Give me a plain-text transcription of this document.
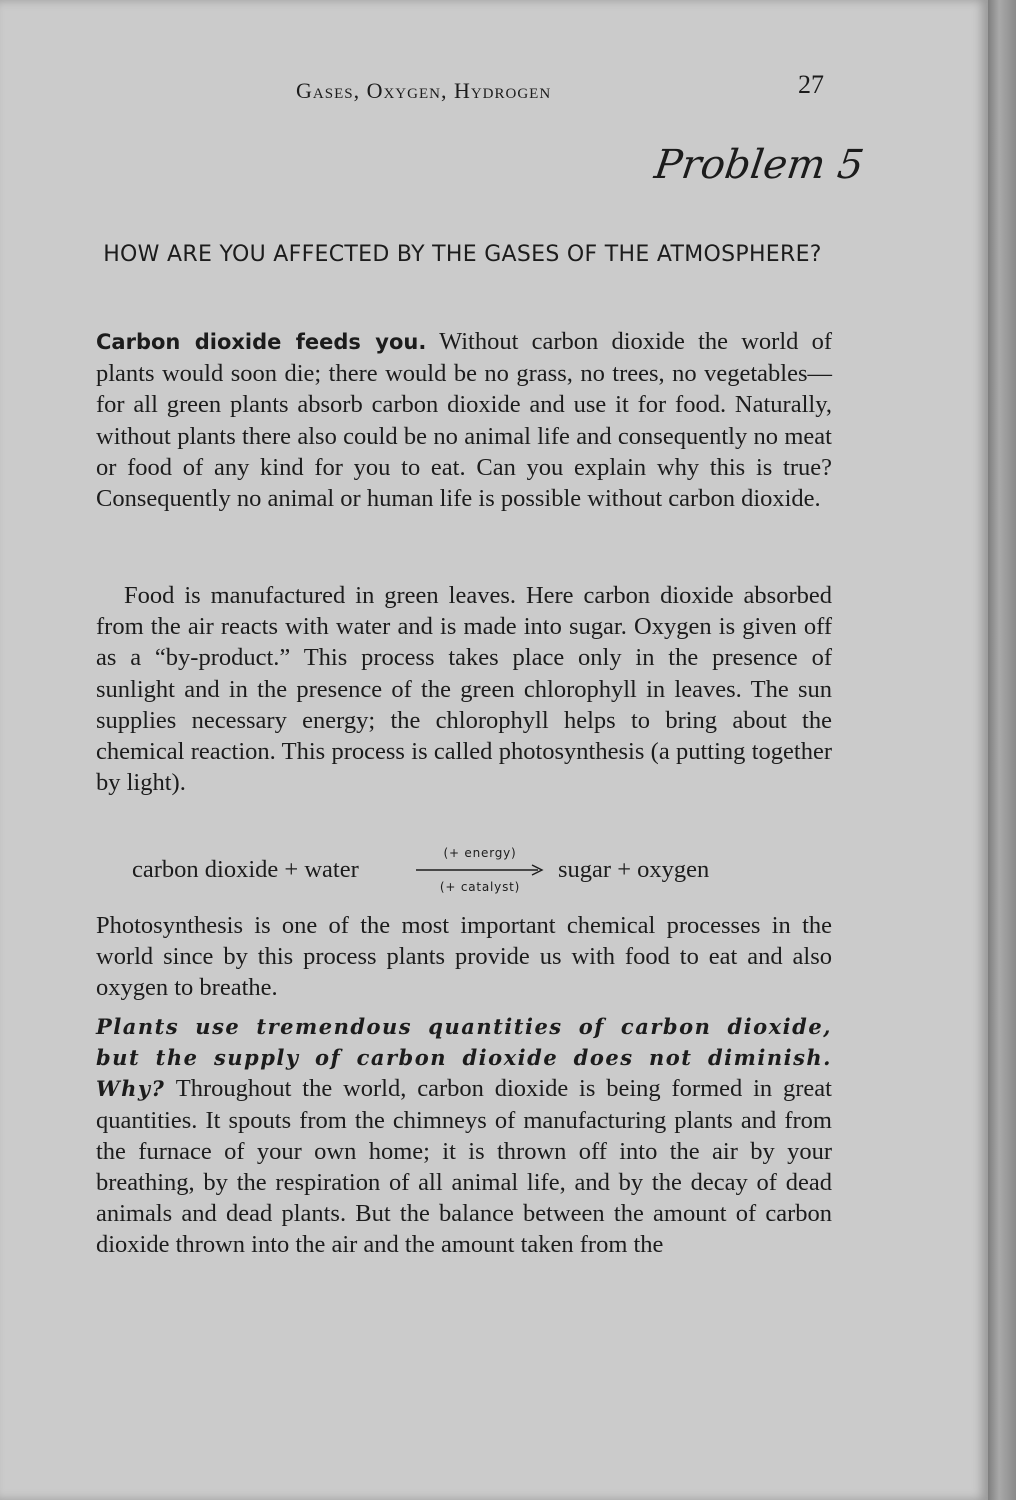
Gases, Oxygen, Hydrogen	27
Problem 5
HOW ARE YOU AFFECTED BY THE GASES OF THE ATMOSPHERE?

Carbon dioxide feeds you. Without carbon dioxide the world of plants would soon die; there would be no grass, no trees, no vegetables—for all green plants absorb carbon dioxide and use it for food. Naturally, without plants there also could be no animal life and consequently no meat or food of any kind for you to eat. Can you explain why this is true? Consequently no animal or human life is possible without carbon dioxide.

Food is manufactured in green leaves. Here carbon dioxide absorbed from the air reacts with water and is made into sugar. Oxygen is given off as a “by-product.” This process takes place only in the presence of sunlight and in the presence of the green chlorophyll in leaves. The sun supplies necessary energy; the chlorophyll helps to bring about the chemical reaction. This process is called photosynthesis (a putting together by light).

carbon dioxide + water
(+ energy)
(+ catalyst)
sugar + oxygen

Photosynthesis is one of the most important chemical processes in the world since by this process plants provide us with food to eat and also oxygen to breathe.

Plants use tremendous quantities of carbon dioxide, but the supply of carbon dioxide does not diminish. Why? Throughout the world, carbon dioxide is being formed in great quantities. It spouts from the chimneys of manufacturing plants and from the furnace of your own home; it is thrown off into the air by your breathing, by the respiration of all animal life, and by the decay of dead animals and dead plants. But the balance between the amount of carbon dioxide thrown into the air and the amount taken from the
